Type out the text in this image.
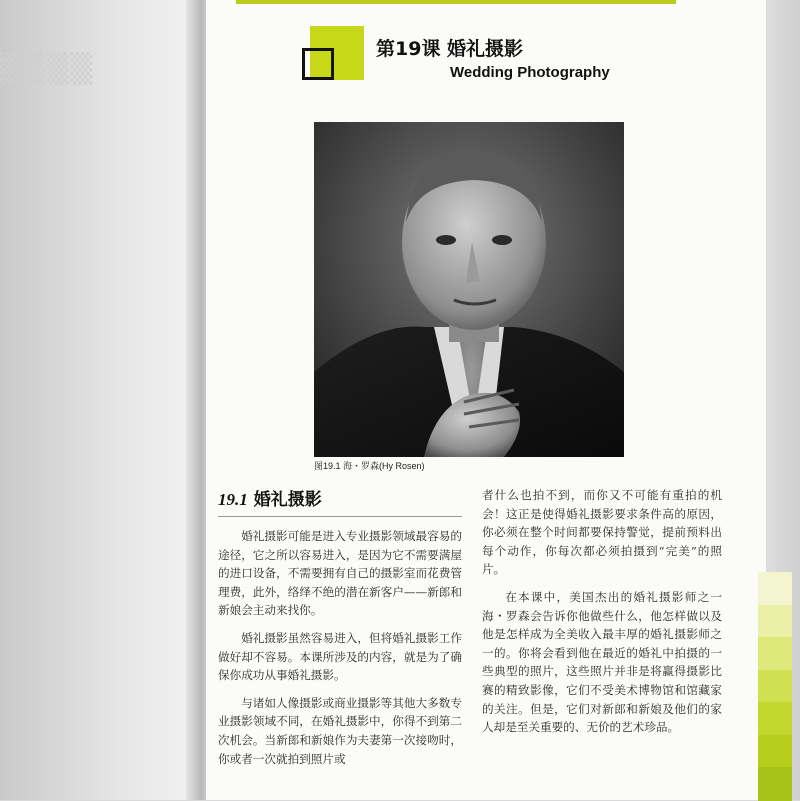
▒▒▒▒
第19课 婚礼摄影
Wedding Photography
图19.1 海・罗森(Hy Rosen)
19.1 婚礼摄影

婚礼摄影可能是进入专业摄影领域最容易的途径，它之所以容易进入，是因为它不需要满屋的进口设备，不需要拥有自己的摄影室而花费管理费，此外，络绎不绝的潜在新客户——新郎和新娘会主动来找你。

婚礼摄影虽然容易进入，但将婚礼摄影工作做好却不容易。本课所涉及的内容，就是为了确保你成功从事婚礼摄影。

与诸如人像摄影或商业摄影等其他大多数专业摄影领域不同，在婚礼摄影中，你得不到第二次机会。当新郎和新娘作为夫妻第一次接吻时，你或者一次就拍到照片或

者什么也拍不到，而你又不可能有重拍的机会！这正是使得婚礼摄影要求条件高的原因，你必须在整个时间都要保持警觉，提前预料出每个动作，你每次都必须拍摄到“完美”的照片。

在本课中，美国杰出的婚礼摄影师之一海・罗森会告诉你他做些什么，他怎样做以及他是怎样成为全美收入最丰厚的婚礼摄影师之一的。你将会看到他在最近的婚礼中拍摄的一些典型的照片，这些照片并非是将赢得摄影比赛的精致影像，它们不受美术博物馆和馆藏家的关注。但是，它们对新郎和新娘及他们的家人却是至关重要的、无价的艺术珍品。
